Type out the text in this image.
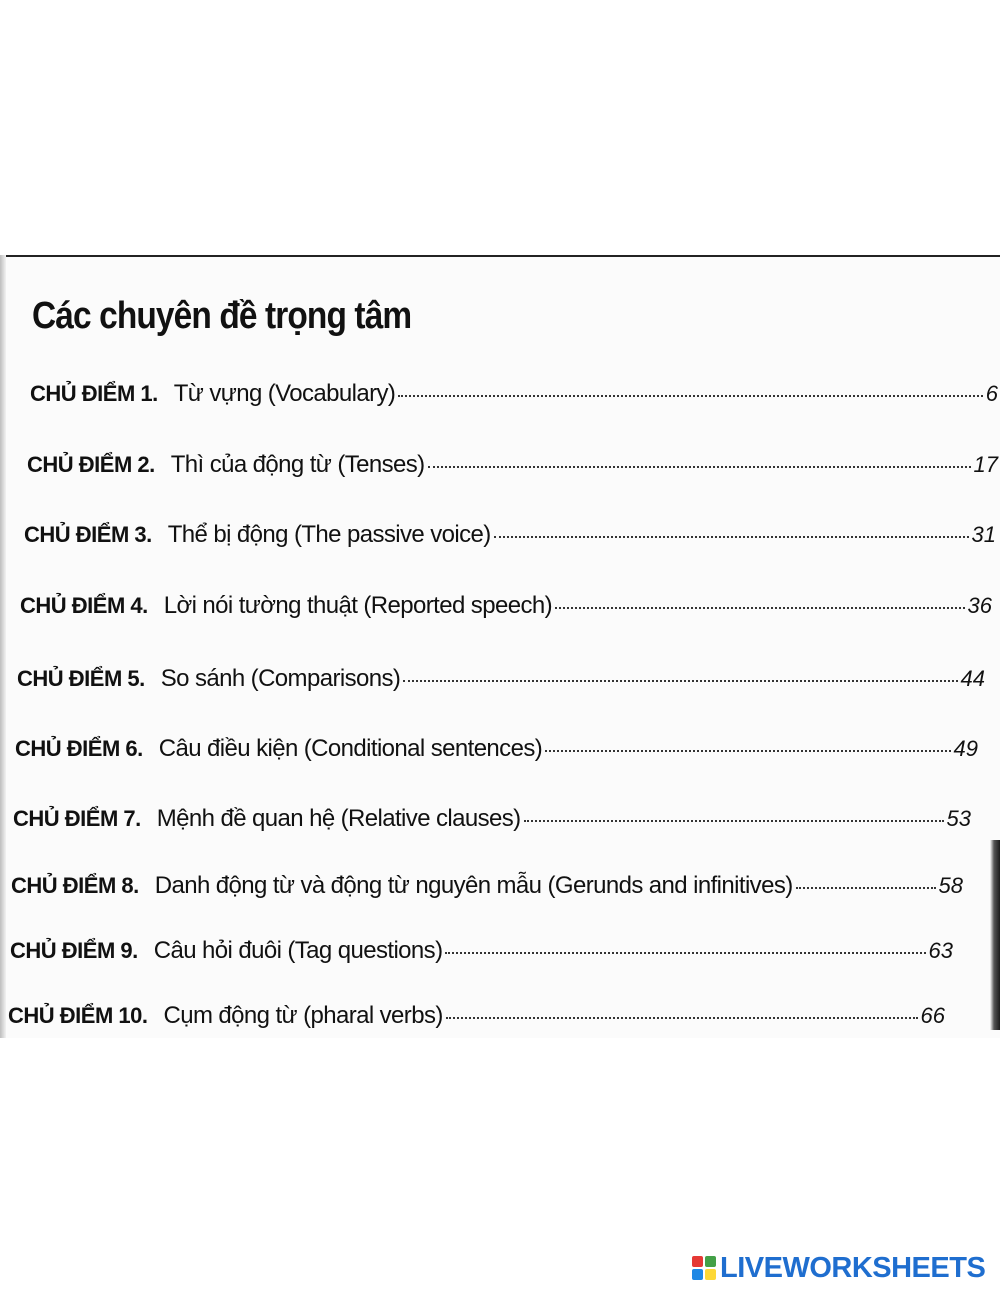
Các chuyên đề trọng tâm
CHỦ ĐIỂM 1. Từ vựng (Vocabulary)	6
CHỦ ĐIỂM 2. Thì của động từ (Tenses)	17
CHỦ ĐIỂM 3. Thể bị động (The passive voice)	31
CHỦ ĐIỂM 4. Lời nói tường thuật (Reported speech)	36
CHỦ ĐIỂM 5. So sánh (Comparisons)	44
CHỦ ĐIỂM 6. Câu điều kiện (Conditional sentences)	49
CHỦ ĐIỂM 7. Mệnh đề quan hệ (Relative clauses)	53
CHỦ ĐIỂM 8. Danh động từ và động từ nguyên mẫu (Gerunds and infinitives)	58
CHỦ ĐIỂM 9. Câu hỏi đuôi (Tag questions)	63
CHỦ ĐIỂM 10. Cụm động từ (pharal verbs)	66
LIVEWORKSHEETS
